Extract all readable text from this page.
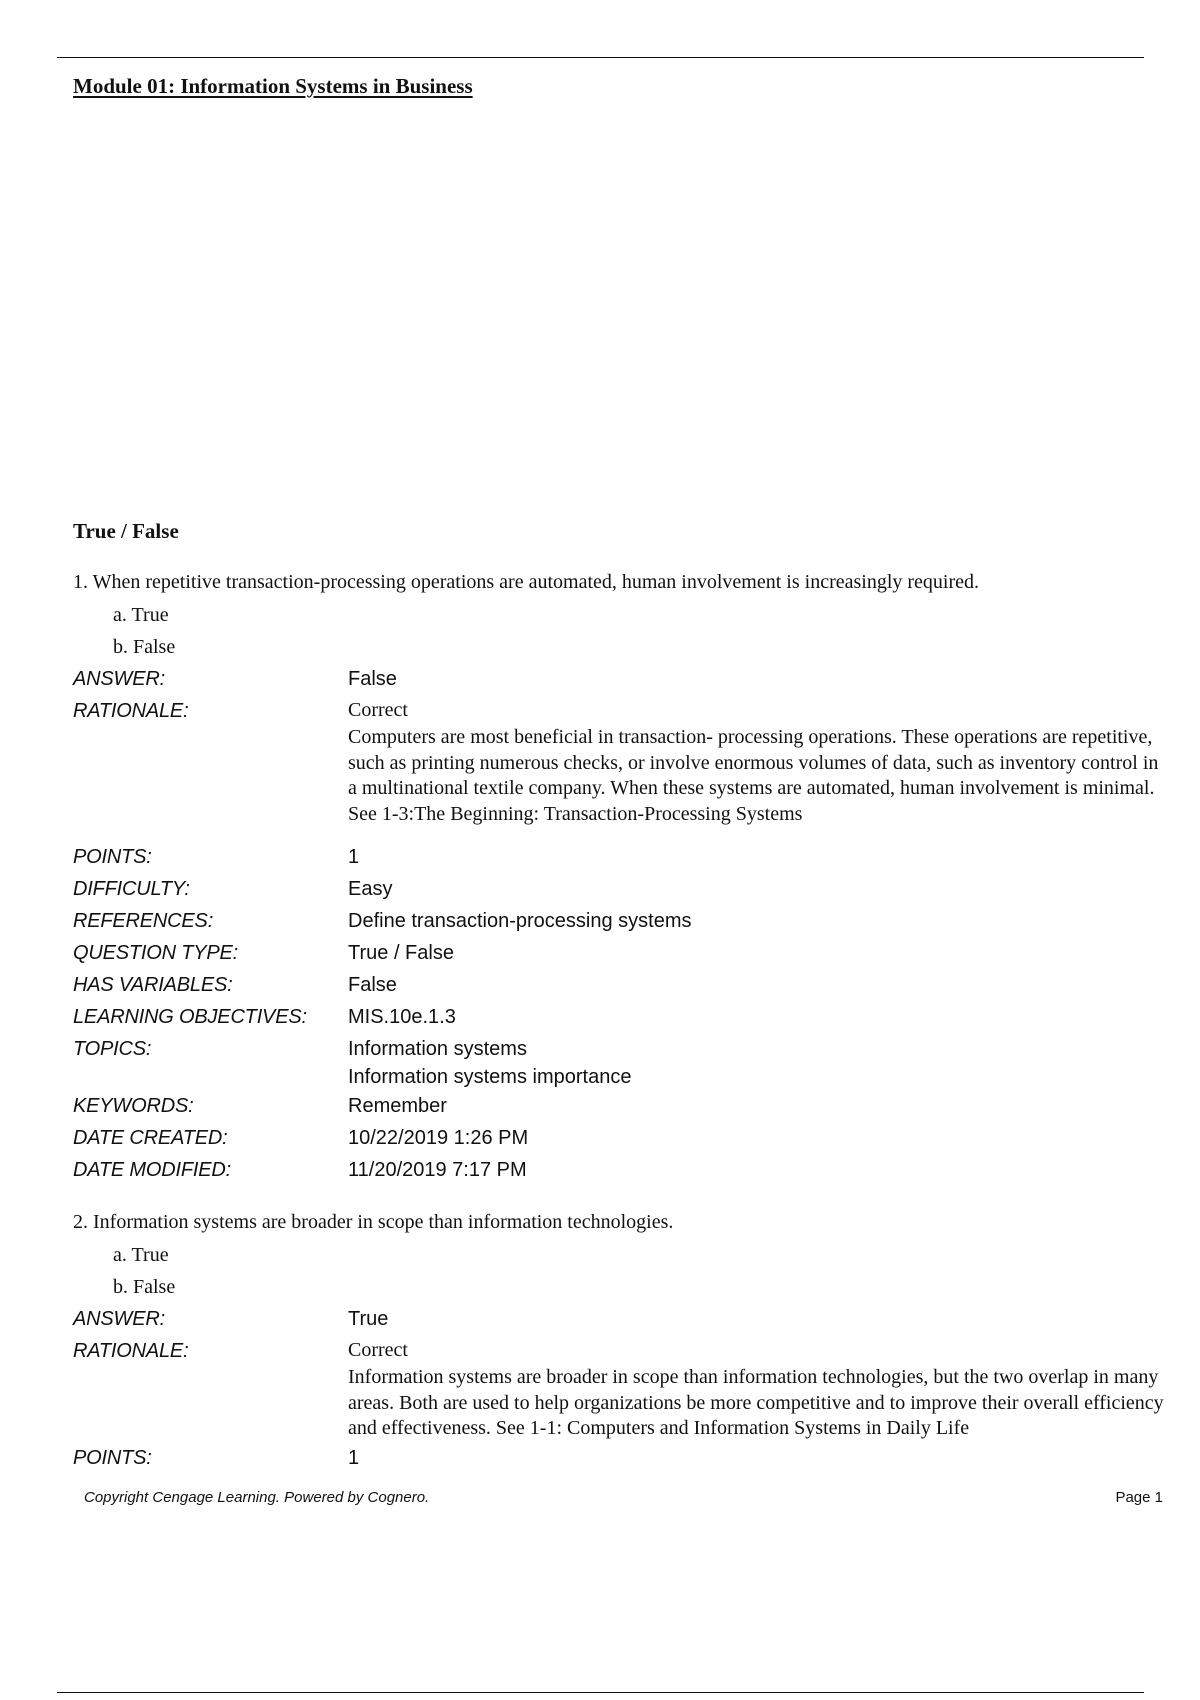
Module 01: Information Systems in Business
True / False
1. When repetitive transaction-processing operations are automated, human involvement is increasingly required.
a. True
b. False
ANSWER:	False
RATIONALE:	Correct
Computers are most beneficial in transaction- processing operations. These operations are repetitive, such as printing numerous checks, or involve enormous volumes of data, such as inventory control in a multinational textile company. When these systems are automated, human involvement is minimal. See 1-3:The Beginning: Transaction-Processing Systems
POINTS:	1
DIFFICULTY:	Easy
REFERENCES:	Define transaction-processing systems
QUESTION TYPE:	True / False
HAS VARIABLES:	False
LEARNING OBJECTIVES:	MIS.10e.1.3
TOPICS:	Information systems
Information systems importance
KEYWORDS:	Remember
DATE CREATED:	10/22/2019 1:26 PM
DATE MODIFIED:	11/20/2019 7:17 PM
2. Information systems are broader in scope than information technologies.
a. True
b. False
ANSWER:	True
RATIONALE:	Correct
Information systems are broader in scope than information technologies, but the two overlap in many areas. Both are used to help organizations be more competitive and to improve their overall efficiency and effectiveness. See 1-1: Computers and Information Systems in Daily Life
POINTS:	1
Copyright Cengage Learning. Powered by Cognero.	Page 1
